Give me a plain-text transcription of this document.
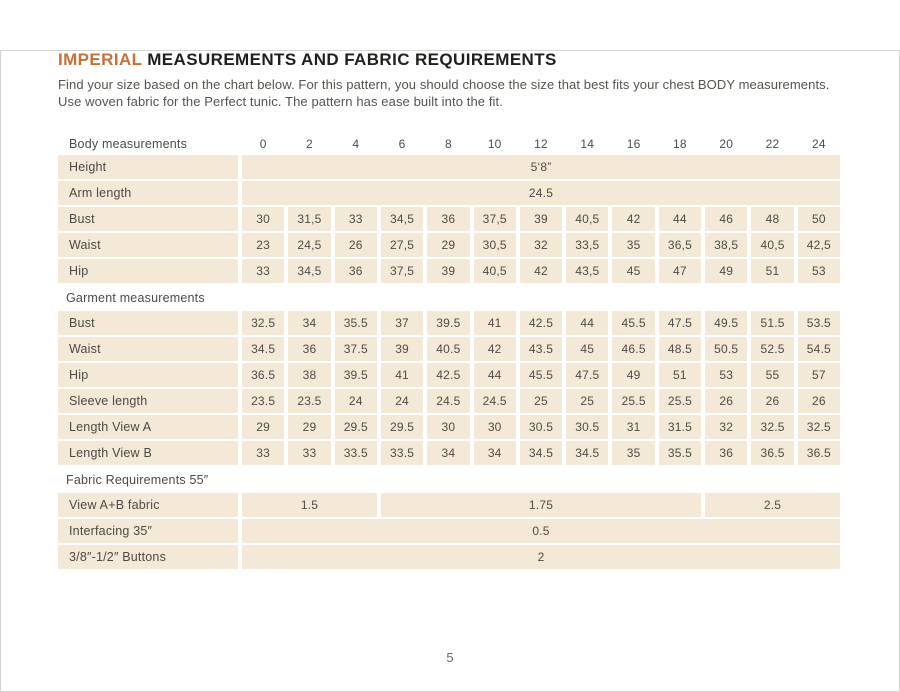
IMPERIAL MEASUREMENTS AND FABRIC REQUIREMENTS

Find your size based on the chart below. For this pattern, you should choose the size that best fits your chest BODY measurements.
Use woven fabric for the Perfect tunic. The pattern has ease built into the fit.

Body measurements	0	2	4	6	8	10	12	14	16	18	20	22	24
Height	5‘8”
Arm length	24.5
Bust	30	31,5	33	34,5	36	37,5	39	40,5	42	44	46	48	50
Waist	23	24,5	26	27,5	29	30,5	32	33,5	35	36,5	38,5	40,5	42,5
Hip	33	34,5	36	37,5	39	40,5	42	43,5	45	47	49	51	53
Garment measurements
Bust	32.5	34	35.5	37	39.5	41	42.5	44	45.5	47.5	49.5	51.5	53.5
Waist	34.5	36	37.5	39	40.5	42	43.5	45	46.5	48.5	50.5	52.5	54.5
Hip	36.5	38	39.5	41	42.5	44	45.5	47.5	49	51	53	55	57
Sleeve length	23.5	23.5	24	24	24.5	24.5	25	25	25.5	25.5	26	26	26
Length View A	29	29	29.5	29.5	30	30	30.5	30.5	31	31.5	32	32.5	32.5
Length View B	33	33	33.5	33.5	34	34	34.5	34.5	35	35.5	36	36.5	36.5
Fabric Requirements 55″
View A+B fabric	1.5	1.75	2.5
Interfacing 35″	0.5
3/8″-1/2″ Buttons	2
5
